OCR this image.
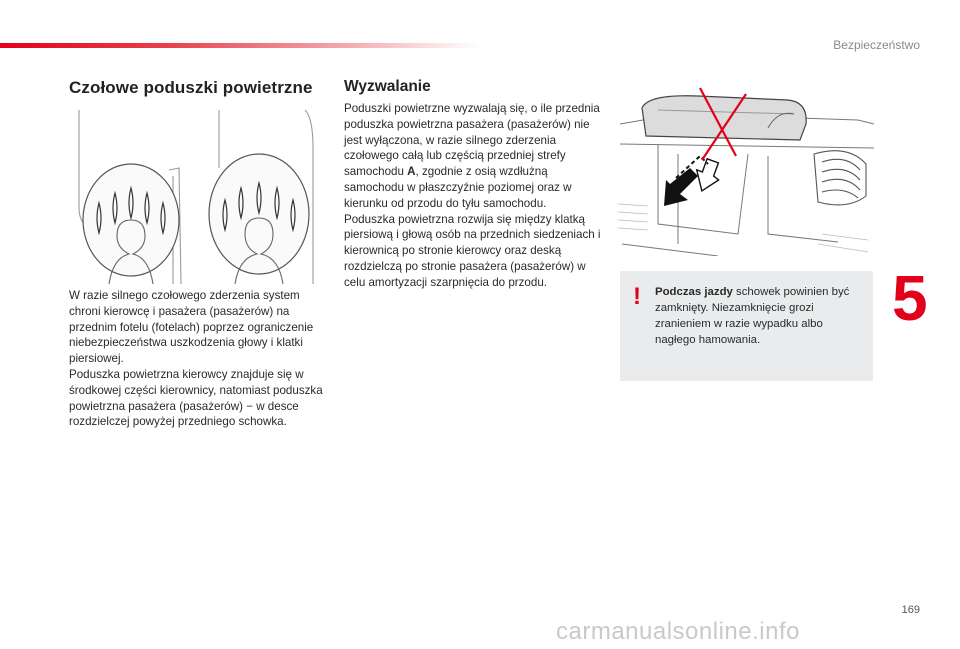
Bezpieczeństwo
Czołowe poduszki powietrzne

W razie silnego czołowego zderzenia system chroni kierowcę i pasażera (pasażerów) na przednim fotelu (fotelach) poprzez ograniczenie niebezpieczeństwa uszkodzenia głowy i klatki piersiowej.

Poduszka powietrzna kierowcy znajduje się w środkowej części kierownicy, natomiast poduszka powietrzna pasażera (pasażerów) − w desce rozdzielczej powyżej przedniego schowka.

Wyzwalanie

Poduszki powietrzne wyzwalają się, o ile przednia poduszka powietrzna pasażera (pasażerów) nie jest wyłączona, w razie silnego zderzenia czołowego całą lub częścią przedniej strefy samochodu A, zgodnie z osią wzdłużną samochodu w płaszczyźnie poziomej oraz w kierunku od przodu do tyłu samochodu.

Poduszka powietrzna rozwija się między klatką piersiową i głową osób na przednich siedzeniach i kierownicą po stronie kierowcy oraz deską rozdzielczą po stronie pasażera (pasażerów) w celu amortyzacji szarpnięcia do przodu.

! Podczas jazdy schowek powinien być zamknięty. Niezamknięcie grozi zranieniem w razie wypadku albo nagłego hamowania.
5
169
carmanualsonline.info
